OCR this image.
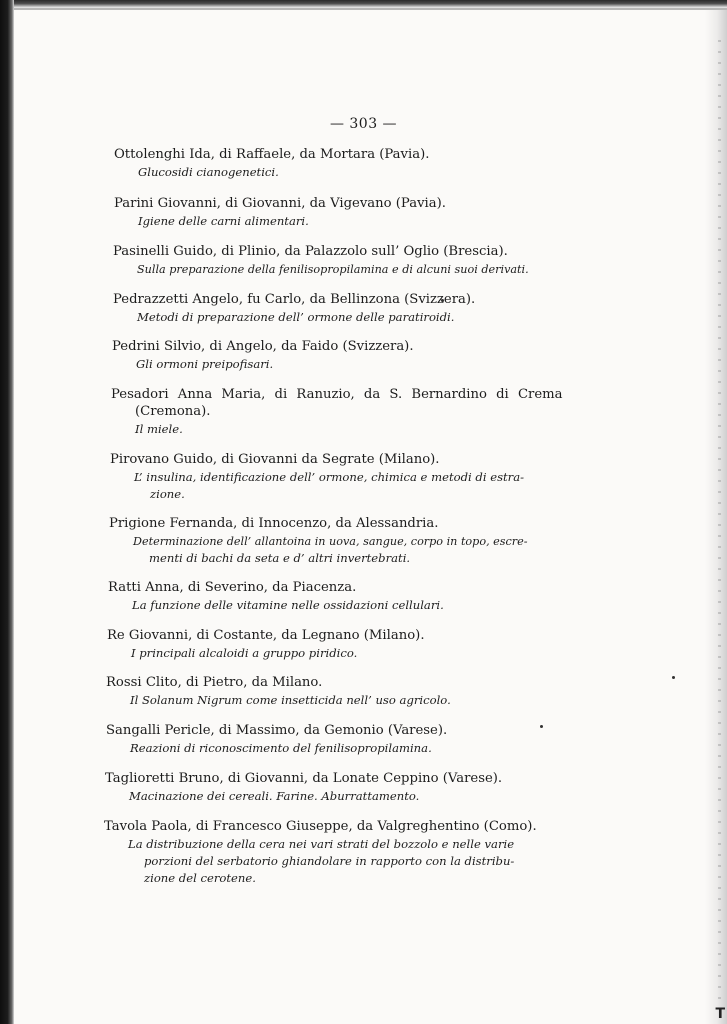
T
— 303 —
Ottolenghi Ida, di Raffaele, da Mortara (Pavia).
Glucosidi cianogenetici.
Parini Giovanni, di Giovanni, da Vigevano (Pavia).
Igiene delle carni alimentari.
Pasinelli Guido, di Plinio, da Palazzolo sull’ Oglio (Brescia).
Sulla preparazione della fenilisopropilamina e di alcuni suoi derivati.
Pedrazzetti Angelo, fu Carlo, da Bellinzona (Svizzera).
Metodi di preparazione dell’ ormone delle paratiroidi.
Pedrini Silvio, di Angelo, da Faido (Svizzera).
Gli ormoni preipofisari.
Pesadori Anna Maria, di Ranuzio, da S. Bernardino di Crema
(Cremona).
Il miele.
Pirovano Guido, di Giovanni da Segrate (Milano).
L’ insulina, identificazione dell’ ormone, chimica e metodi di estra-
zione.
Prigione Fernanda, di Innocenzo, da Alessandria.
Determinazione dell’ allantoina in uova, sangue, corpo in topo, escre-
menti di bachi da seta e d’ altri invertebrati.
Ratti Anna, di Severino, da Piacenza.
La funzione delle vitamine nelle ossidazioni cellulari.
Re Giovanni, di Costante, da Legnano (Milano).
I principali alcaloidi a gruppo piridico.
Rossi Clito, di Pietro, da Milano.
Il Solanum Nigrum come insetticida nell’ uso agricolo.
Sangalli Pericle, di Massimo, da Gemonio (Varese).
Reazioni di riconoscimento del fenilisopropilamina.
Taglioretti Bruno, di Giovanni, da Lonate Ceppino (Varese).
Macinazione dei cereali. Farine. Aburrattamento.
Tavola Paola, di Francesco Giuseppe, da Valgreghentino (Como).
La distribuzione della cera nei vari strati del bozzolo e nelle varie
porzioni del serbatorio ghiandolare in rapporto con la distribu-
zione del cerotene.
